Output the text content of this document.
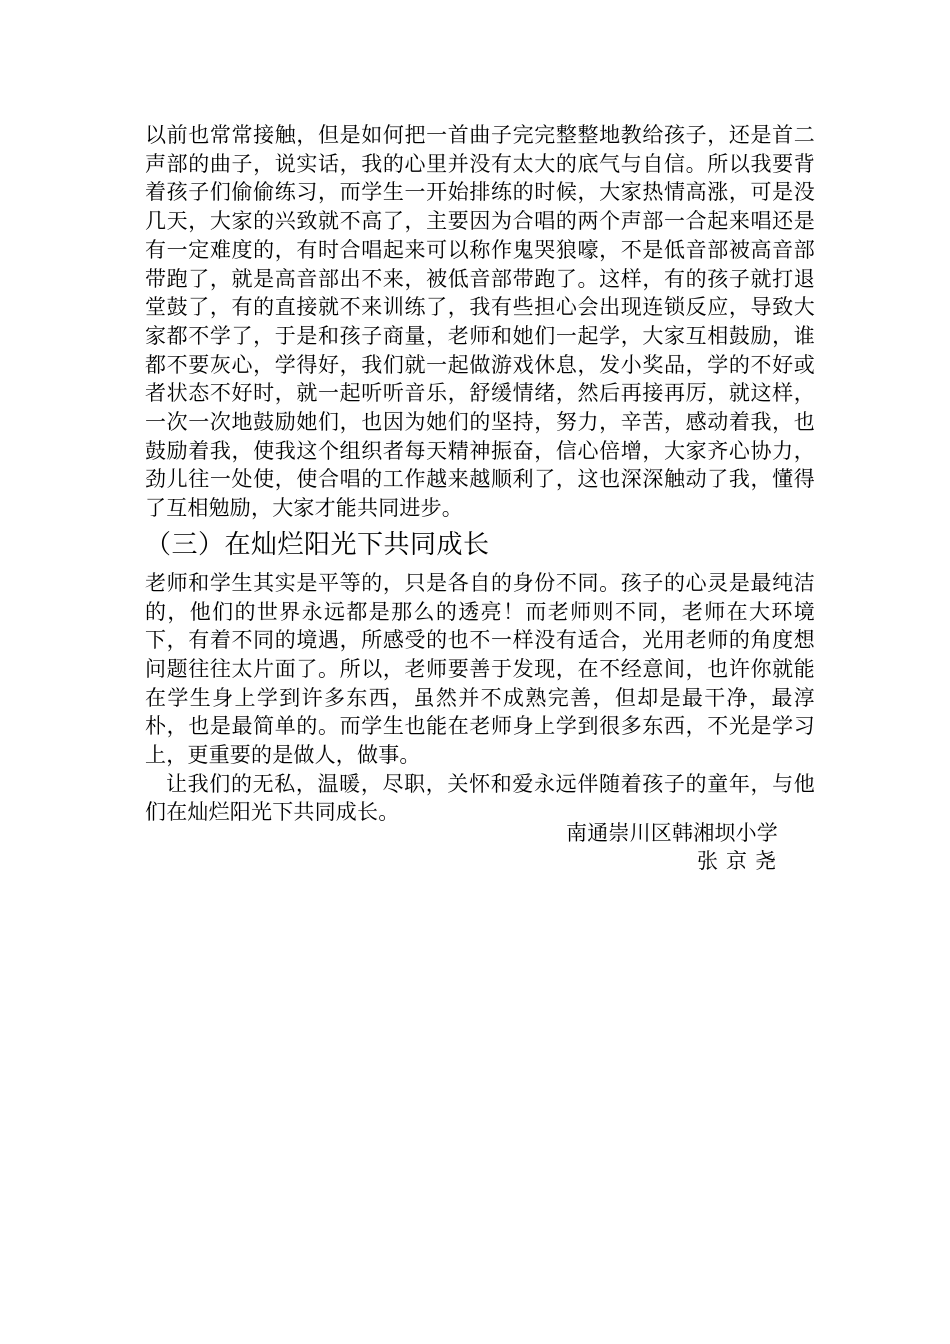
以前也常常接触，但是如何把一首曲子完完整整地教给孩子，还是首二声部的曲子，说实话，我的心里并没有太大的底气与自信。所以我要背着孩子们偷偷练习，而学生一开始排练的时候，大家热情高涨，可是没几天，大家的兴致就不高了，主要因为合唱的两个声部一合起来唱还是有一定难度的，有时合唱起来可以称作鬼哭狼嚎，不是低音部被高音部带跑了，就是高音部出不来，被低音部带跑了。这样，有的孩子就打退堂鼓了，有的直接就不来训练了，我有些担心会出现连锁反应，导致大家都不学了，于是和孩子商量，老师和她们一起学，大家互相鼓励，谁都不要灰心，学得好，我们就一起做游戏休息，发小奖品，学的不好或者状态不好时，就一起听听音乐，舒缓情绪，然后再接再厉，就这样，一次一次地鼓励她们，也因为她们的坚持，努力，辛苦，感动着我，也鼓励着我，使我这个组织者每天精神振奋，信心倍增，大家齐心协力，劲儿往一处使，使合唱的工作越来越顺利了，这也深深触动了我，懂得了互相勉励，大家才能共同进步。

（三）在灿烂阳光下共同成长

老师和学生其实是平等的，只是各自的身份不同。孩子的心灵是最纯洁的，他们的世界永远都是那么的透亮！而老师则不同，老师在大环境下，有着不同的境遇，所感受的也不一样没有适合，光用老师的角度想问题往往太片面了。所以，老师要善于发现，在不经意间，也许你就能在学生身上学到许多东西，虽然并不成熟完善，但却是最干净，最淳朴，也是最简单的。而学生也能在老师身上学到很多东西，不光是学习上，更重要的是做人，做事。

让我们的无私，温暖，尽职，关怀和爱永远伴随着孩子的童年，与他们在灿烂阳光下共同成长。

南通崇川区韩湘坝小学
张京尧
